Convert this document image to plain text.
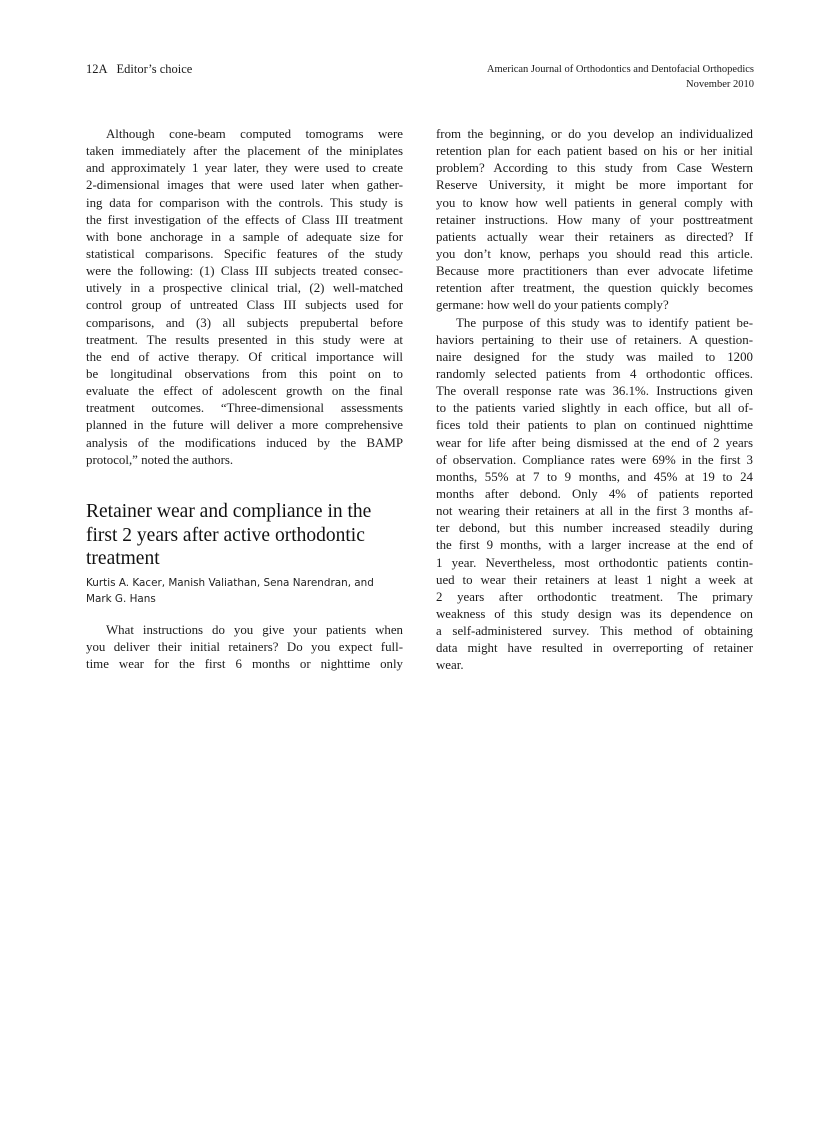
12A Editor’s choice	American Journal of Orthodontics and Dentofacial Orthopedics
November 2010
Although cone-beam computed tomograms were
taken immediately after the placement of the miniplates
and approximately 1 year later, they were used to create
2-dimensional images that were used later when gather-
ing data for comparison with the controls. This study is
the first investigation of the effects of Class III treatment
with bone anchorage in a sample of adequate size for
statistical comparisons. Specific features of the study
were the following: (1) Class III subjects treated consec-
utively in a prospective clinical trial, (2) well-matched
control group of untreated Class III subjects used for
comparisons, and (3) all subjects prepubertal before
treatment. The results presented in this study were at
the end of active therapy. Of critical importance will
be longitudinal observations from this point on to
evaluate the effect of adolescent growth on the final
treatment outcomes. “Three-dimensional assessments
planned in the future will deliver a more comprehensive
analysis of the modifications induced by the BAMP
protocol,” noted the authors.
Retainer wear and compliance in the
first 2 years after active orthodontic
treatment
Kurtis A. Kacer, Manish Valiathan, Sena Narendran, and
Mark G. Hans
What instructions do you give your patients when
you deliver their initial retainers? Do you expect full-
time wear for the first 6 months or nighttime only
from the beginning, or do you develop an individualized
retention plan for each patient based on his or her initial
problem? According to this study from Case Western
Reserve University, it might be more important for
you to know how well patients in general comply with
retainer instructions. How many of your posttreatment
patients actually wear their retainers as directed? If
you don’t know, perhaps you should read this article.
Because more practitioners than ever advocate lifetime
retention after treatment, the question quickly becomes
germane: how well do your patients comply?
The purpose of this study was to identify patient be-
haviors pertaining to their use of retainers. A question-
naire designed for the study was mailed to 1200
randomly selected patients from 4 orthodontic offices.
The overall response rate was 36.1%. Instructions given
to the patients varied slightly in each office, but all of-
fices told their patients to plan on continued nighttime
wear for life after being dismissed at the end of 2 years
of observation. Compliance rates were 69% in the first 3
months, 55% at 7 to 9 months, and 45% at 19 to 24
months after debond. Only 4% of patients reported
not wearing their retainers at all in the first 3 months af-
ter debond, but this number increased steadily during
the first 9 months, with a larger increase at the end of
1 year. Nevertheless, most orthodontic patients contin-
ued to wear their retainers at least 1 night a week at
2 years after orthodontic treatment. The primary
weakness of this study design was its dependence on
a self-administered survey. This method of obtaining
data might have resulted in overreporting of retainer
wear.
